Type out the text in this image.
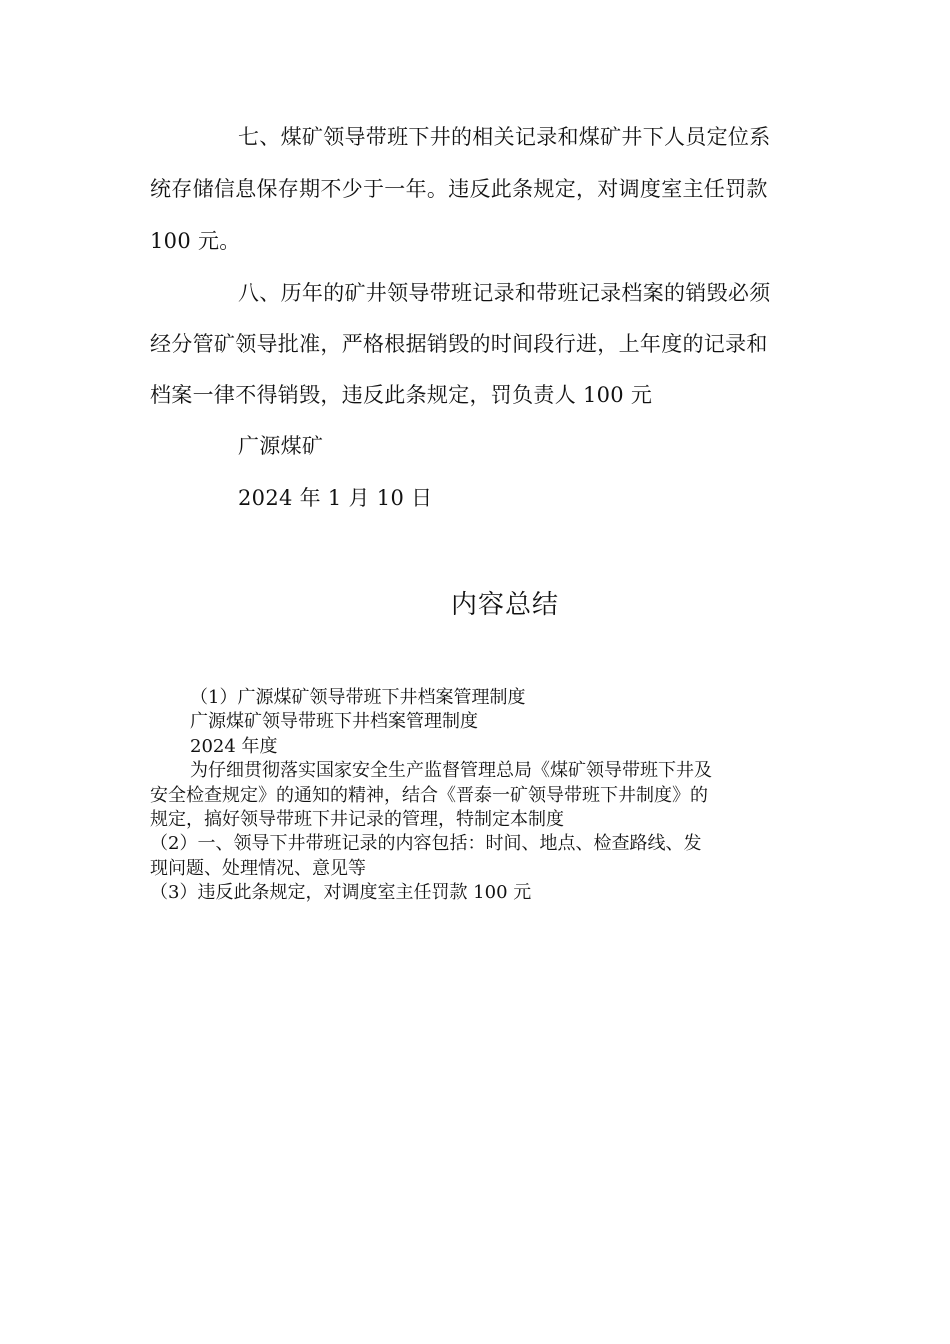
七、煤矿领导带班下井的相关记录和煤矿井下人员定位系
统存储信息保存期不少于一年。违反此条规定，对调度室主任罚款
100 元。
八、历年的矿井领导带班记录和带班记录档案的销毁必须
经分管矿领导批准，严格根据销毁的时间段行进，上年度的记录和
档案一律不得销毁，违反此条规定，罚负责人 100 元
广源煤矿
2024 年 1 月 10 日
内容总结
（1）广源煤矿领导带班下井档案管理制度
广源煤矿领导带班下井档案管理制度
2024 年度
为仔细贯彻落实国家安全生产监督管理总局《煤矿领导带班下井及
安全检查规定》的通知的精神，结合《晋泰一矿领导带班下井制度》的
规定，搞好领导带班下井记录的管理，特制定本制度
（2）一、领导下井带班记录的内容包括：时间、地点、检查路线、发
现问题、处理情况、意见等
（3）违反此条规定，对调度室主任罚款 100 元
